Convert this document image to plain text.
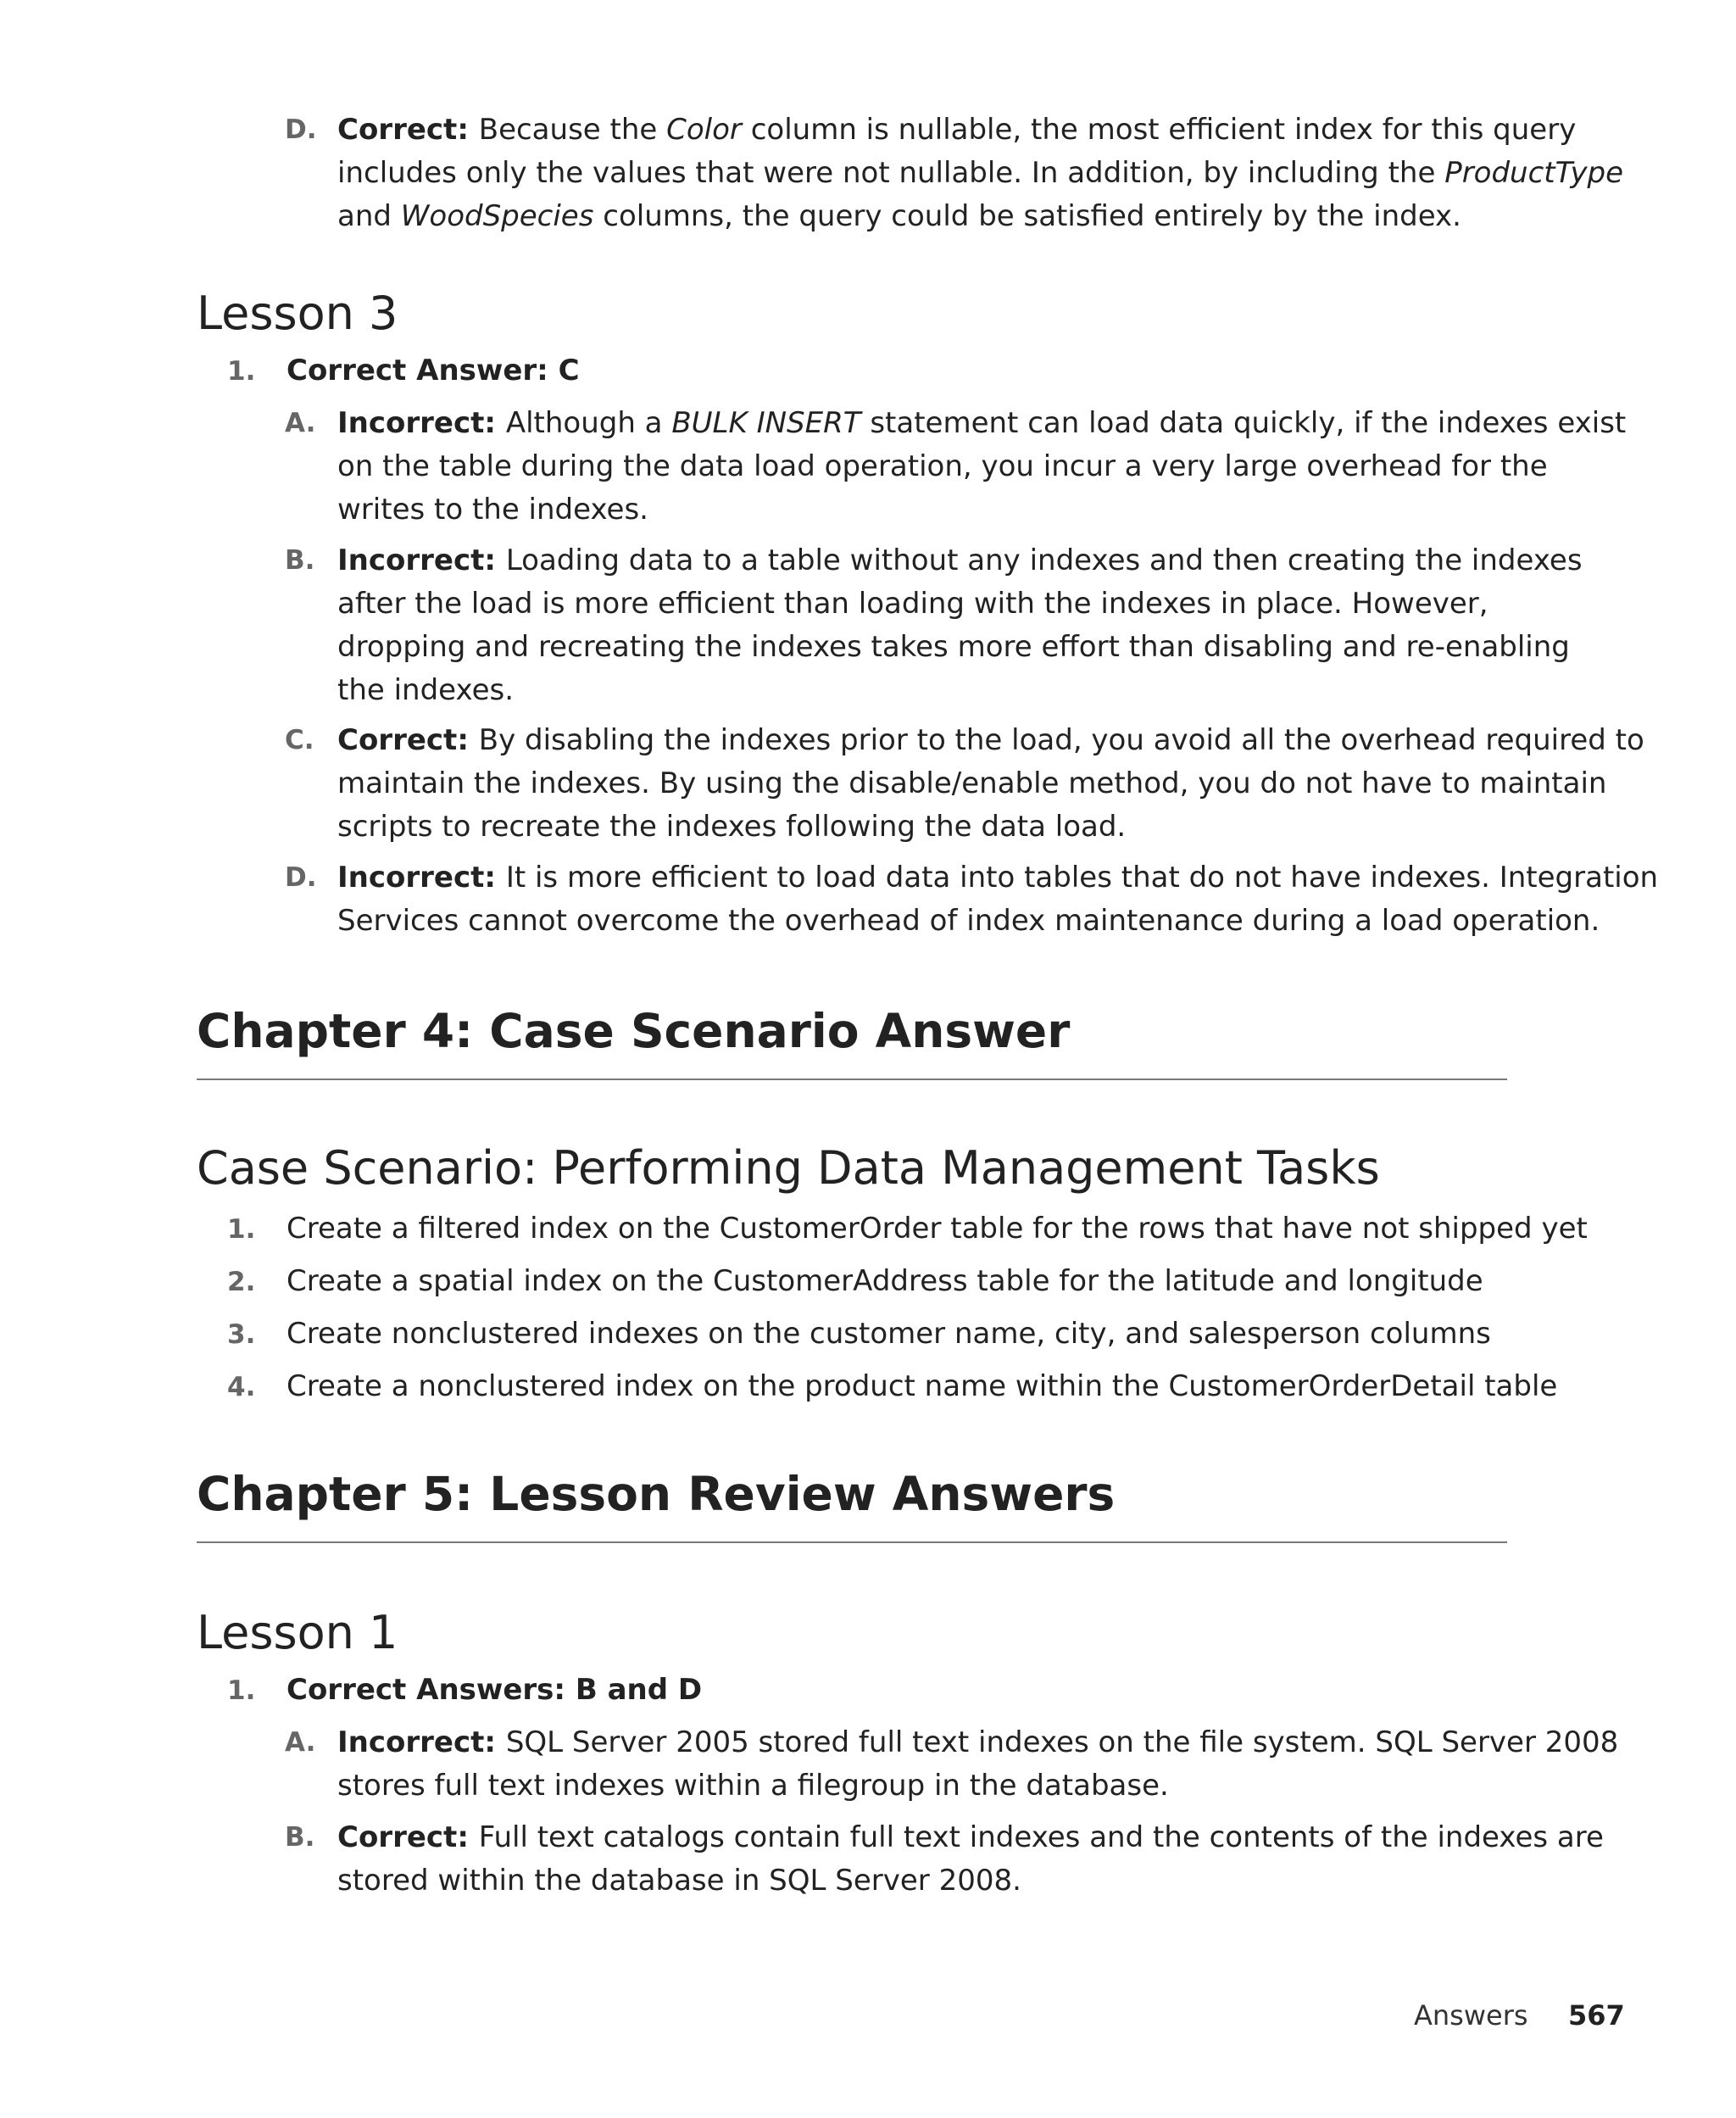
D. Correct: Because the Color column is nullable, the most efficient index for this query
includes only the values that were not nullable. In addition, by including the ProductType
and WoodSpecies columns, the query could be satisfied entirely by the index.
Lesson 3
1. Correct Answer: C
A. Incorrect: Although a BULK INSERT statement can load data quickly, if the indexes exist
on the table during the data load operation, you incur a very large overhead for the
writes to the indexes.
B. Incorrect: Loading data to a table without any indexes and then creating the indexes
after the load is more efficient than loading with the indexes in place. However,
dropping and recreating the indexes takes more effort than disabling and re-enabling
the indexes.
C. Correct: By disabling the indexes prior to the load, you avoid all the overhead required to
maintain the indexes. By using the disable/enable method, you do not have to maintain
scripts to recreate the indexes following the data load.
D. Incorrect: It is more efficient to load data into tables that do not have indexes. Integration
Services cannot overcome the overhead of index maintenance during a load operation.
Chapter 4: Case Scenario Answer
Case Scenario: Performing Data Management Tasks
1. Create a filtered index on the CustomerOrder table for the rows that have not shipped yet
2. Create a spatial index on the CustomerAddress table for the latitude and longitude
3. Create nonclustered indexes on the customer name, city, and salesperson columns
4. Create a nonclustered index on the product name within the CustomerOrderDetail table
Chapter 5: Lesson Review Answers
Lesson 1
1. Correct Answers: B and D
A. Incorrect: SQL Server 2005 stored full text indexes on the file system. SQL Server 2008
stores full text indexes within a filegroup in the database.
B. Correct: Full text catalogs contain full text indexes and the contents of the indexes are
stored within the database in SQL Server 2008.
Answers 567
